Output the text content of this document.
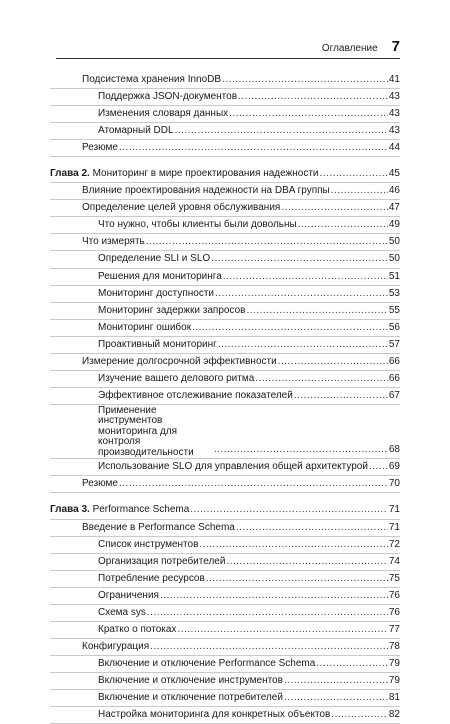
Оглавление 7
Подсистема хранения InnoDB .....	41
Поддержка JSON-документов .....	43
Изменения словаря данных .....	43
Атомарный DDL .....	43
Резюме .....	44
Глава 2. Мониторинг в мире проектирования надежности .....	45
Влияние проектирования надежности на DBA группы .....	46
Определение целей уровня обслуживания .....	47
Что нужно, чтобы клиенты были довольны .....	49
Что измерять .....	50
Определение SLI и SLO .....	50
Решения для мониторинга .....	51
Мониторинг доступности .....	53
Мониторинг задержки запросов .....	55
Мониторинг ошибок .....	56
Проактивный мониторинг .....	57
Измерение долгосрочной эффективности .....	66
Изучение вашего делового ритма .....	66
Эффективное отслеживание показателей .....	67
Применение инструментов мониторинга для контроля производительности .....	68
Использование SLO для управления общей архитектурой ..... 69
Резюме .....	70
Глава 3. Performance Schema .....	71
Введение в Performance Schema .....	71
Список инструментов .....	72
Организация потребителей .....	74
Потребление ресурсов .....	75
Ограничения .....	76
Схема sys .....	76
Кратко о потоках .....	77
Конфигурация .....	78
Включение и отключение Performance Schema .....	79
Включение и отключение инструментов .....	79
Включение и отключение потребителей .....	81
Настройка мониторинга для конкретных объектов .....	82
